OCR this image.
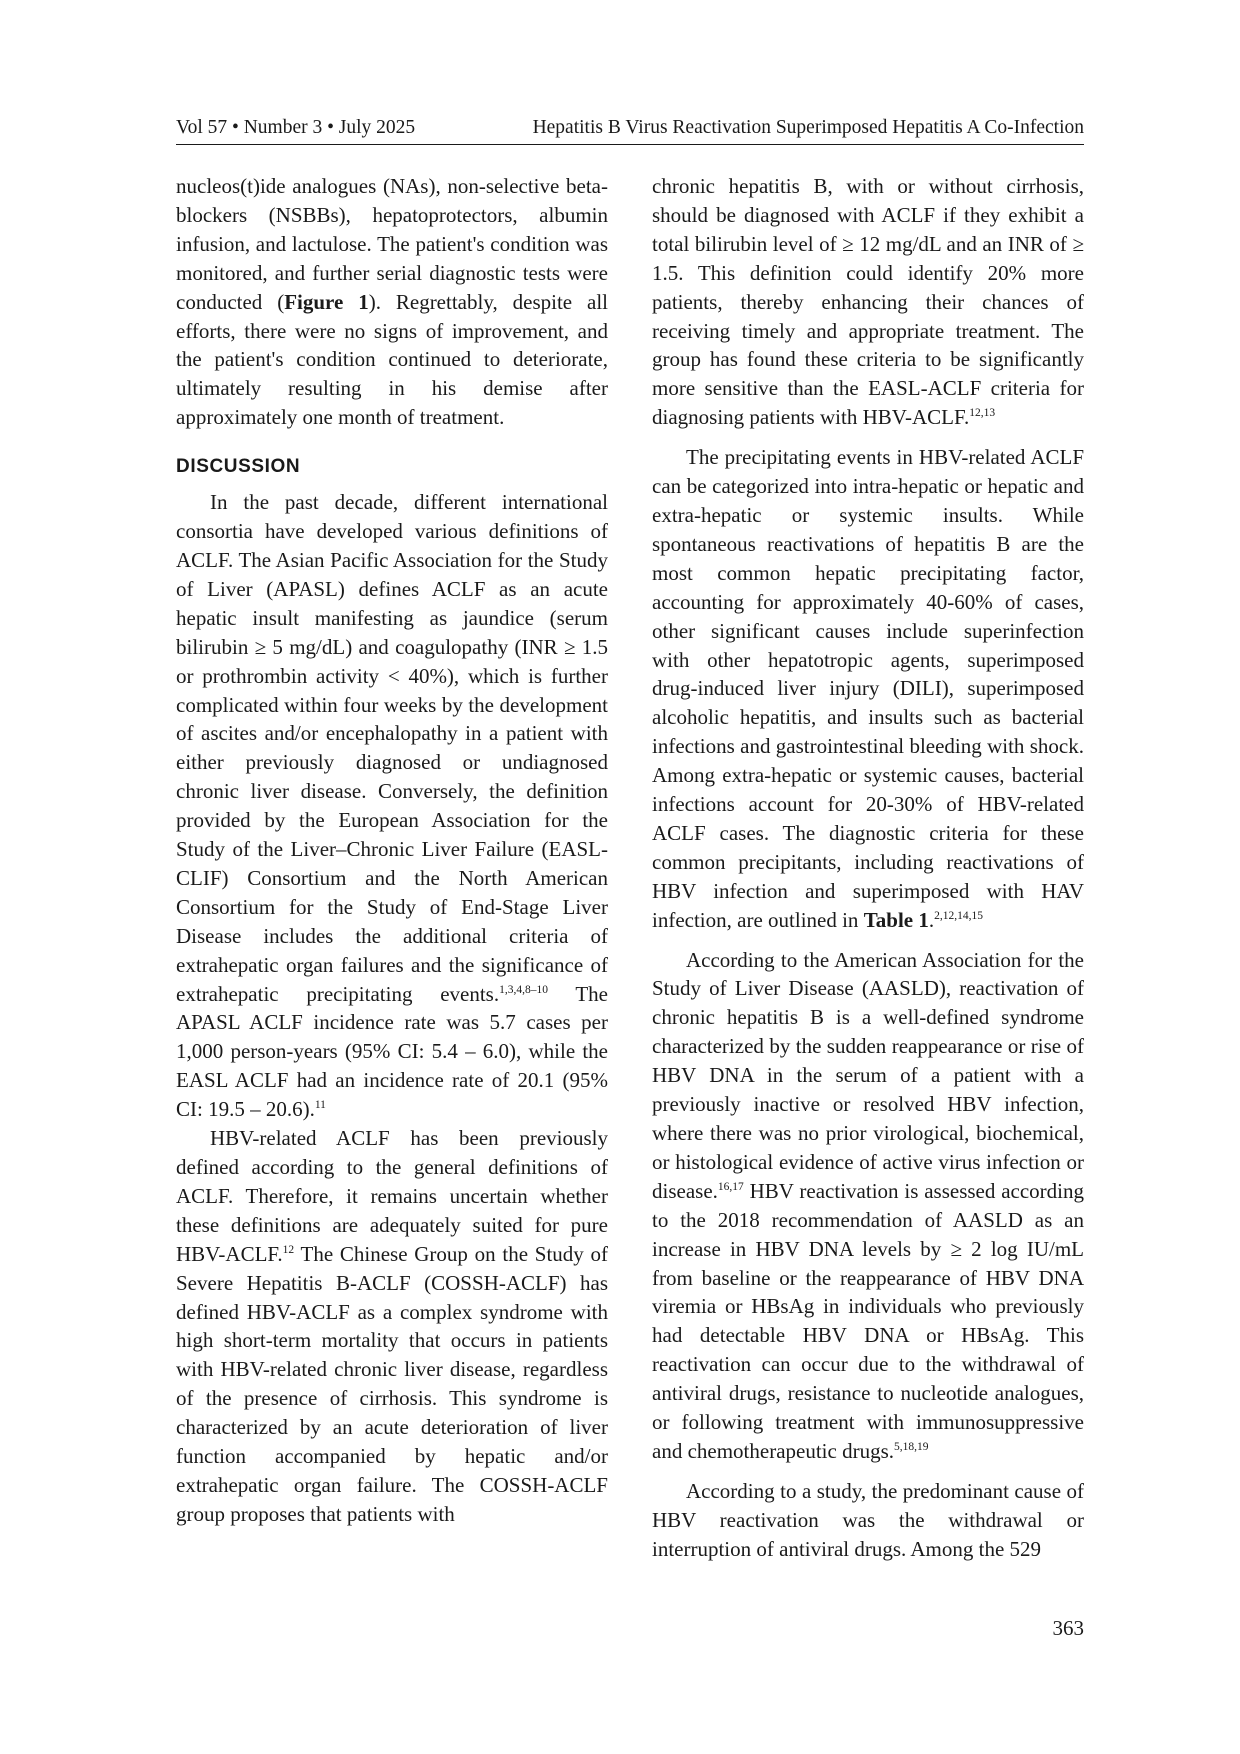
Vol 57 • Number 3 • July 2025	Hepatitis B Virus Reactivation Superimposed Hepatitis A Co-Infection

nucleos(t)ide analogues (NAs), non-selective beta-blockers (NSBBs), hepatoprotectors, albumin infusion, and lactulose. The patient's condition was monitored, and further serial diagnostic tests were conducted (Figure 1). Regrettably, despite all efforts, there were no signs of improvement, and the patient's condition continued to deteriorate, ultimately resulting in his demise after approximately one month of treatment.

DISCUSSION

In the past decade, different international consortia have developed various definitions of ACLF. The Asian Pacific Association for the Study of Liver (APASL) defines ACLF as an acute hepatic insult manifesting as jaundice (serum bilirubin ≥ 5 mg/dL) and coagulopathy (INR ≥ 1.5 or prothrombin activity < 40%), which is further complicated within four weeks by the development of ascites and/or encephalopathy in a patient with either previously diagnosed or undiagnosed chronic liver disease. Conversely, the definition provided by the European Association for the Study of the Liver–Chronic Liver Failure (EASL-CLIF) Consortium and the North American Consortium for the Study of End-Stage Liver Disease includes the additional criteria of extrahepatic organ failures and the significance of extrahepatic precipitating events.$^{1,3,4,8-10}$ The APASL ACLF incidence rate was 5.7 cases per 1,000 person-years (95% CI: 5.4 – 6.0), while the EASL ACLF had an incidence rate of 20.1 (95% CI: 19.5 – 20.6).$^{11}$

HBV-related ACLF has been previously defined according to the general definitions of ACLF. Therefore, it remains uncertain whether these definitions are adequately suited for pure HBV-ACLF.$^{12}$ The Chinese Group on the Study of Severe Hepatitis B-ACLF (COSSH-ACLF) has defined HBV-ACLF as a complex syndrome with high short-term mortality that occurs in patients with HBV-related chronic liver disease, regardless of the presence of cirrhosis. This syndrome is characterized by an acute deterioration of liver function accompanied by hepatic and/or extrahepatic organ failure. The COSSH-ACLF group proposes that patients with

chronic hepatitis B, with or without cirrhosis, should be diagnosed with ACLF if they exhibit a total bilirubin level of ≥ 12 mg/dL and an INR of ≥ 1.5. This definition could identify 20% more patients, thereby enhancing their chances of receiving timely and appropriate treatment. The group has found these criteria to be significantly more sensitive than the EASL-ACLF criteria for diagnosing patients with HBV-ACLF.$^{12,13}$

The precipitating events in HBV-related ACLF can be categorized into intra-hepatic or hepatic and extra-hepatic or systemic insults. While spontaneous reactivations of hepatitis B are the most common hepatic precipitating factor, accounting for approximately 40-60% of cases, other significant causes include superinfection with other hepatotropic agents, superimposed drug-induced liver injury (DILI), superimposed alcoholic hepatitis, and insults such as bacterial infections and gastrointestinal bleeding with shock. Among extra-hepatic or systemic causes, bacterial infections account for 20-30% of HBV-related ACLF cases. The diagnostic criteria for these common precipitants, including reactivations of HBV infection and superimposed with HAV infection, are outlined in Table 1.$^{2,12,14,15}$

According to the American Association for the Study of Liver Disease (AASLD), reactivation of chronic hepatitis B is a well-defined syndrome characterized by the sudden reappearance or rise of HBV DNA in the serum of a patient with a previously inactive or resolved HBV infection, where there was no prior virological, biochemical, or histological evidence of active virus infection or disease.$^{16,17}$ HBV reactivation is assessed according to the 2018 recommendation of AASLD as an increase in HBV DNA levels by ≥ 2 log IU/mL from baseline or the reappearance of HBV DNA viremia or HBsAg in individuals who previously had detectable HBV DNA or HBsAg. This reactivation can occur due to the withdrawal of antiviral drugs, resistance to nucleotide analogues, or following treatment with immunosuppressive and chemotherapeutic drugs.$^{5,18,19}$

According to a study, the predominant cause of HBV reactivation was the withdrawal or interruption of antiviral drugs. Among the 529

363
